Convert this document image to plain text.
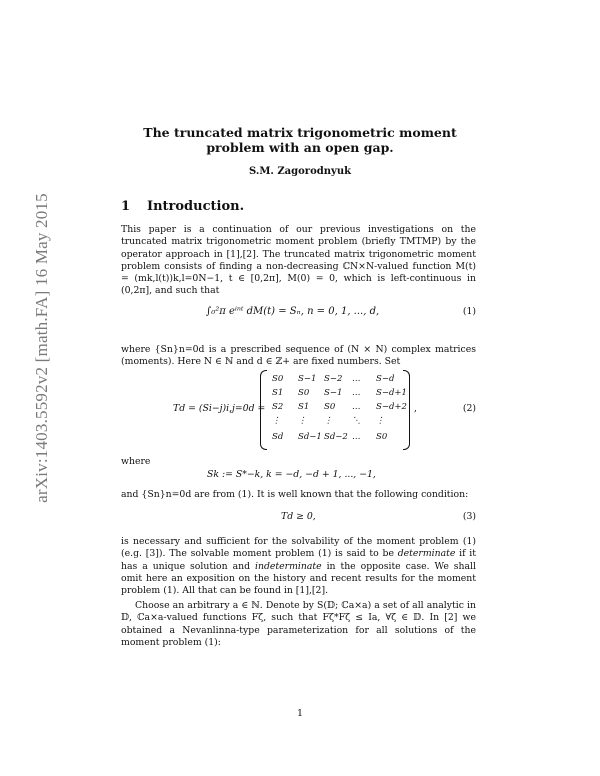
arXiv:1403.5592v2 [math.FA] 16 May 2015
The truncated matrix trigonometric moment
problem with an open gap.
S.M. Zagorodnyuk
1 Introduction.
This paper is a continuation of our previous investigations on the truncated matrix trigonometric moment problem (briefly TMTMP) by the operator approach in [1],[2]. The truncated matrix trigonometric moment problem consists of finding a non-decreasing ℂN×N-valued function M(t) = (mk,l(t))k,l=0N−1, t ∈ [0,2π], M(0) = 0, which is left-continuous in (0,2π], and such that
∫₀²π eⁱⁿᵗ dM(t) = Sₙ, n = 0, 1, ..., d,	(1)
where {Sn}n=0d is a prescribed sequence of (N × N) complex matrices (moments). Here N ∈ ℕ and d ∈ ℤ+ are fixed numbers. Set
Td = (Si−j)i,j=0d =	,	(2)
S0 S−1 S−2 … S−d
S1 S0 S−1 … S−d+1
S2 S1 S0 … S−d+2
⋮ ⋮ ⋮ ⋱ ⋮
Sd Sd−1 Sd−2 … S0
where
Sk := S*−k, k = −d, −d + 1, ..., −1,
and {Sn}n=0d are from (1). It is well known that the following condition:
Td ≥ 0,	(3)
is necessary and sufficient for the solvability of the moment problem (1) (e.g. [3]). The solvable moment problem (1) is said to be determinate if it has a unique solution and indeterminate in the opposite case. We shall omit here an exposition on the history and recent results for the moment problem (1). All that can be found in [1],[2].
Choose an arbitrary a ∈ ℕ. Denote by S(𝔻; ℂa×a) a set of all analytic in 𝔻, ℂa×a-valued functions Fζ, such that Fζ*Fζ ≤ Ia, ∀ζ ∈ 𝔻. In [2] we obtained a Nevanlinna-type parameterization for all solutions of the moment problem (1):
1
